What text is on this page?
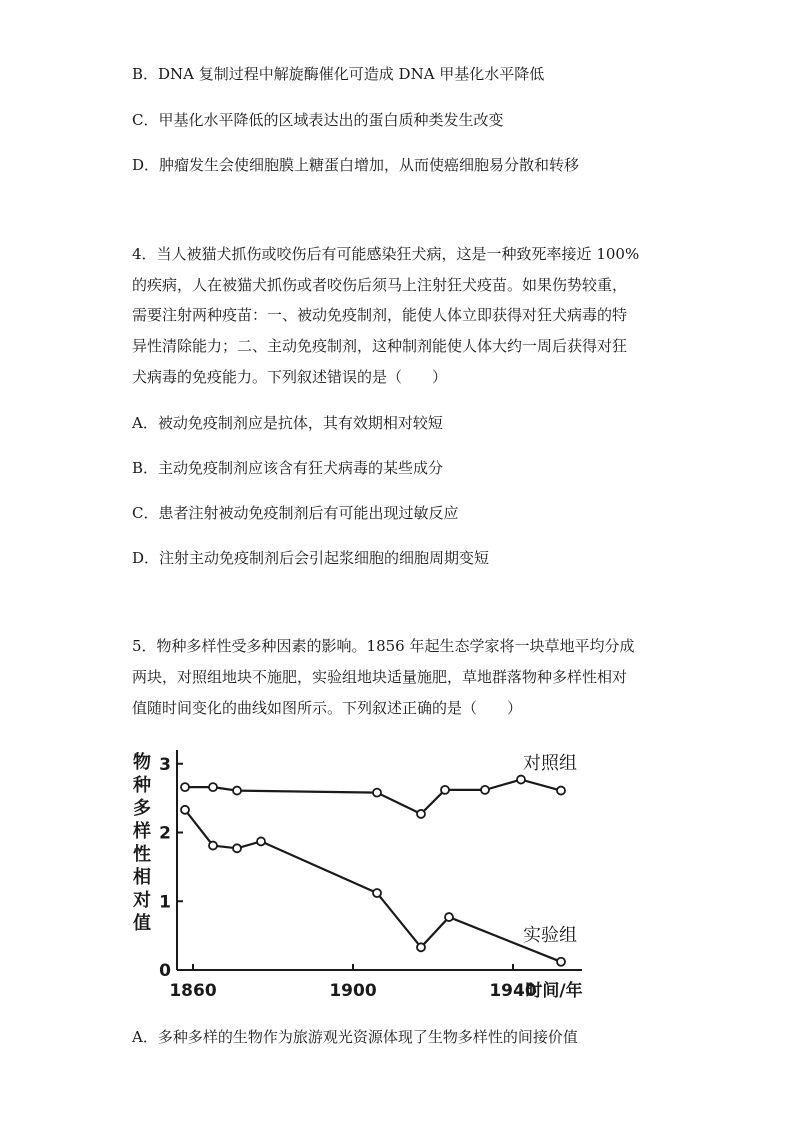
B．DNA 复制过程中解旋酶催化可造成 DNA 甲基化水平降低
C．甲基化水平降低的区域表达出的蛋白质种类发生改变
D．肿瘤发生会使细胞膜上糖蛋白增加，从而使癌细胞易分散和转移
4．当人被猫犬抓伤或咬伤后有可能感染狂犬病，这是一种致死率接近 100%
的疾病，人在被猫犬抓伤或者咬伤后须马上注射狂犬疫苗。如果伤势较重，
需要注射两种疫苗：一、被动免疫制剂，能使人体立即获得对狂犬病毒的特
异性清除能力；二、主动免疫制剂，这种制剂能使人体大约一周后获得对狂
犬病毒的免疫能力。下列叙述错误的是（　　）
A．被动免疫制剂应是抗体，其有效期相对较短
B．主动免疫制剂应该含有狂犬病毒的某些成分
C．患者注射被动免疫制剂后有可能出现过敏反应
D．注射主动免疫制剂后会引起浆细胞的细胞周期变短
5．物种多样性受多种因素的影响。1856 年起生态学家将一块草地平均分成
两块，对照组地块不施肥，实验组地块适量施肥，草地群落物种多样性相对
值随时间变化的曲线如图所示。下列叙述正确的是（　　）
0
1
2
3
1860	1900	1940
时间/年
物种多样性相对值
对照组
实验组
A．多种多样的生物作为旅游观光资源体现了生物多样性的间接价值
